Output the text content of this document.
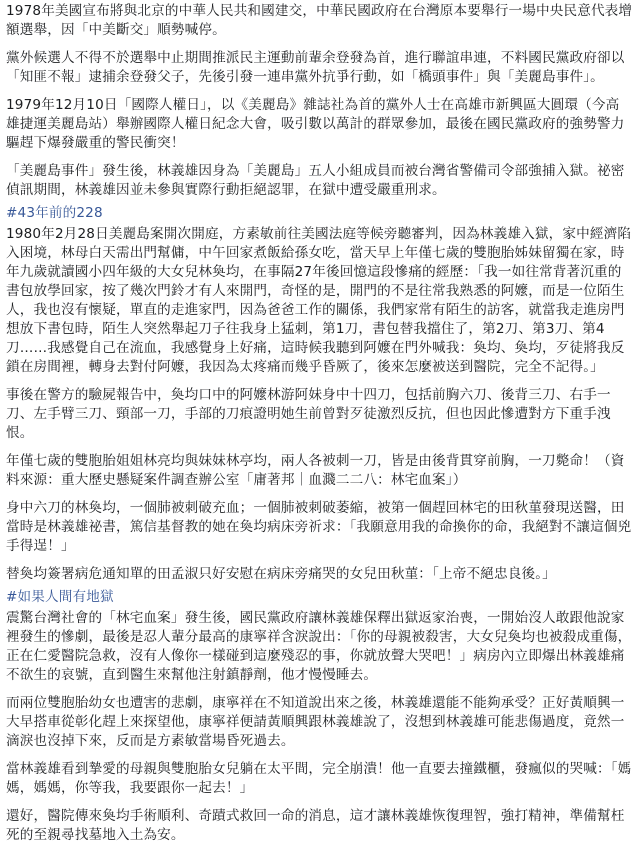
1978年美國宣布將與北京的中華人民共和國建交，中華民國政府在台灣原本要舉行一場中央民意代表增額選舉，因「中美斷交」順勢喊停。

黨外候選人不得不於選舉中止期間推派民主運動前輩余登發為首，進行聯誼串連，不料國民黨政府卻以「知匪不報」逮捕余登發父子，先後引發一連串黨外抗爭行動，如「橋頭事件」與「美麗島事件」。

1979年12月10日「國際人權日」，以《美麗島》雜誌社為首的黨外人士在高雄市新興區大圓環（今高雄捷運美麗島站）舉辦國際人權日紀念大會，吸引數以萬計的群眾參加，最後在國民黨政府的強勢警力驅趕下爆發嚴重的警民衝突！

「美麗島事件」發生後，林義雄因身為「美麗島」五人小組成員而被台灣省警備司令部強捕入獄。祕密偵訊期間，林義雄因並未參與實際行動拒絕認罪，在獄中遭受嚴重刑求。

#43年前的228

1980年2月28日美麗島案開次開庭，方素敏前往美國法庭等候旁聽審判，因為林義雄入獄，家中經濟陷入困境，林母白天需出門幫傭，中午回家煮飯給孫女吃，當天早上年僅七歲的雙胞胎姊妹留獨在家，時年九歲就讀國小四年級的大女兒林奐均，在事隔27年後回憶這段慘痛的經歷：「我一如往常背著沉重的書包放學回家，按了幾次門鈴才有人來開門，奇怪的是，開門的不是往常我熟悉的阿嬤，而是一位陌生人，我也沒有懷疑，單直的走進家門，因為爸爸工作的關係，我們家常有陌生的訪客，就當我走進房門想放下書包時，陌生人突然舉起刀子往我身上猛刺，第1刀，書包替我擋住了，第2刀、第3刀、第4刀……我感覺自己在流血，我感覺身上好痛，這時候我聽到阿嬤在門外喊我：奐均、奐均，歹徒將我反鎖在房間裡，轉身去對付阿嬤，我因為太疼痛而幾乎昏厥了，後來怎麼被送到醫院，完全不記得。」

事後在警方的驗屍報告中，奐均口中的阿嬤林游阿妹身中十四刀，包括前胸六刀、後背三刀、右手一刀、左手臂三刀、頸部一刀，手部的刀痕證明她生前曾對歹徒激烈反抗，但也因此慘遭對方下重手洩恨。

年僅七歲的雙胞胎姐姐林亮均與妹妹林亭均，兩人各被刺一刀，皆是由後背貫穿前胸，一刀斃命！（資料來源：重大歷史懸疑案件調查辦公室「庸著邦｜血濺二二八：林宅血案」）

身中六刀的林奐均，一個肺被刺破充血；一個肺被刺破萎縮，被第一個趕回林宅的田秋菫發現送醫，田當時是林義雄祕書，篤信基督教的她在奐均病床旁祈求：「我願意用我的命換你的命，我絕對不讓這個兇手得逞！」

替奐均簽署病危通知單的田孟淑只好安慰在病床旁痛哭的女兒田秋菫：「上帝不絕忠良後。」

#如果人間有地獄

震驚台灣社會的「林宅血案」發生後，國民黨政府讓林義雄保釋出獄返家治喪，一開始沒人敢跟他說家裡發生的慘劇，最後是忍人輩分最高的康寧祥含淚說出：「你的母親被殺害，大女兒奐均也被殺成重傷，正在仁愛醫院急救，沒有人像你一樣碰到這麼殘忍的事，你就放聲大哭吧！」病房內立即爆出林義雄痛不欲生的哀號，直到醫生來幫他注射鎮靜劑，他才慢慢睡去。

而兩位雙胞胎幼女也遭害的悲劇，康寧祥在不知道說出來之後，林義雄還能不能夠承受？正好黃順興一大早搭車從彰化趕上來探望他，康寧祥便請黃順興跟林義雄說了，沒想到林義雄可能悲傷過度，竟然一滴淚也沒掉下來，反而是方素敏當場昏死過去。

當林義雄看到摯愛的母親與雙胞胎女兒躺在太平間，完全崩潰！他一直要去撞鐵櫃，發瘋似的哭喊：「媽媽，媽媽，你等我，我要跟你一起去！」

還好，醫院傳來奐均手術順利、奇蹟式救回一命的消息，這才讓林義雄恢復理智，強打精神，準備幫枉死的至親尋找墓地入土為安。
